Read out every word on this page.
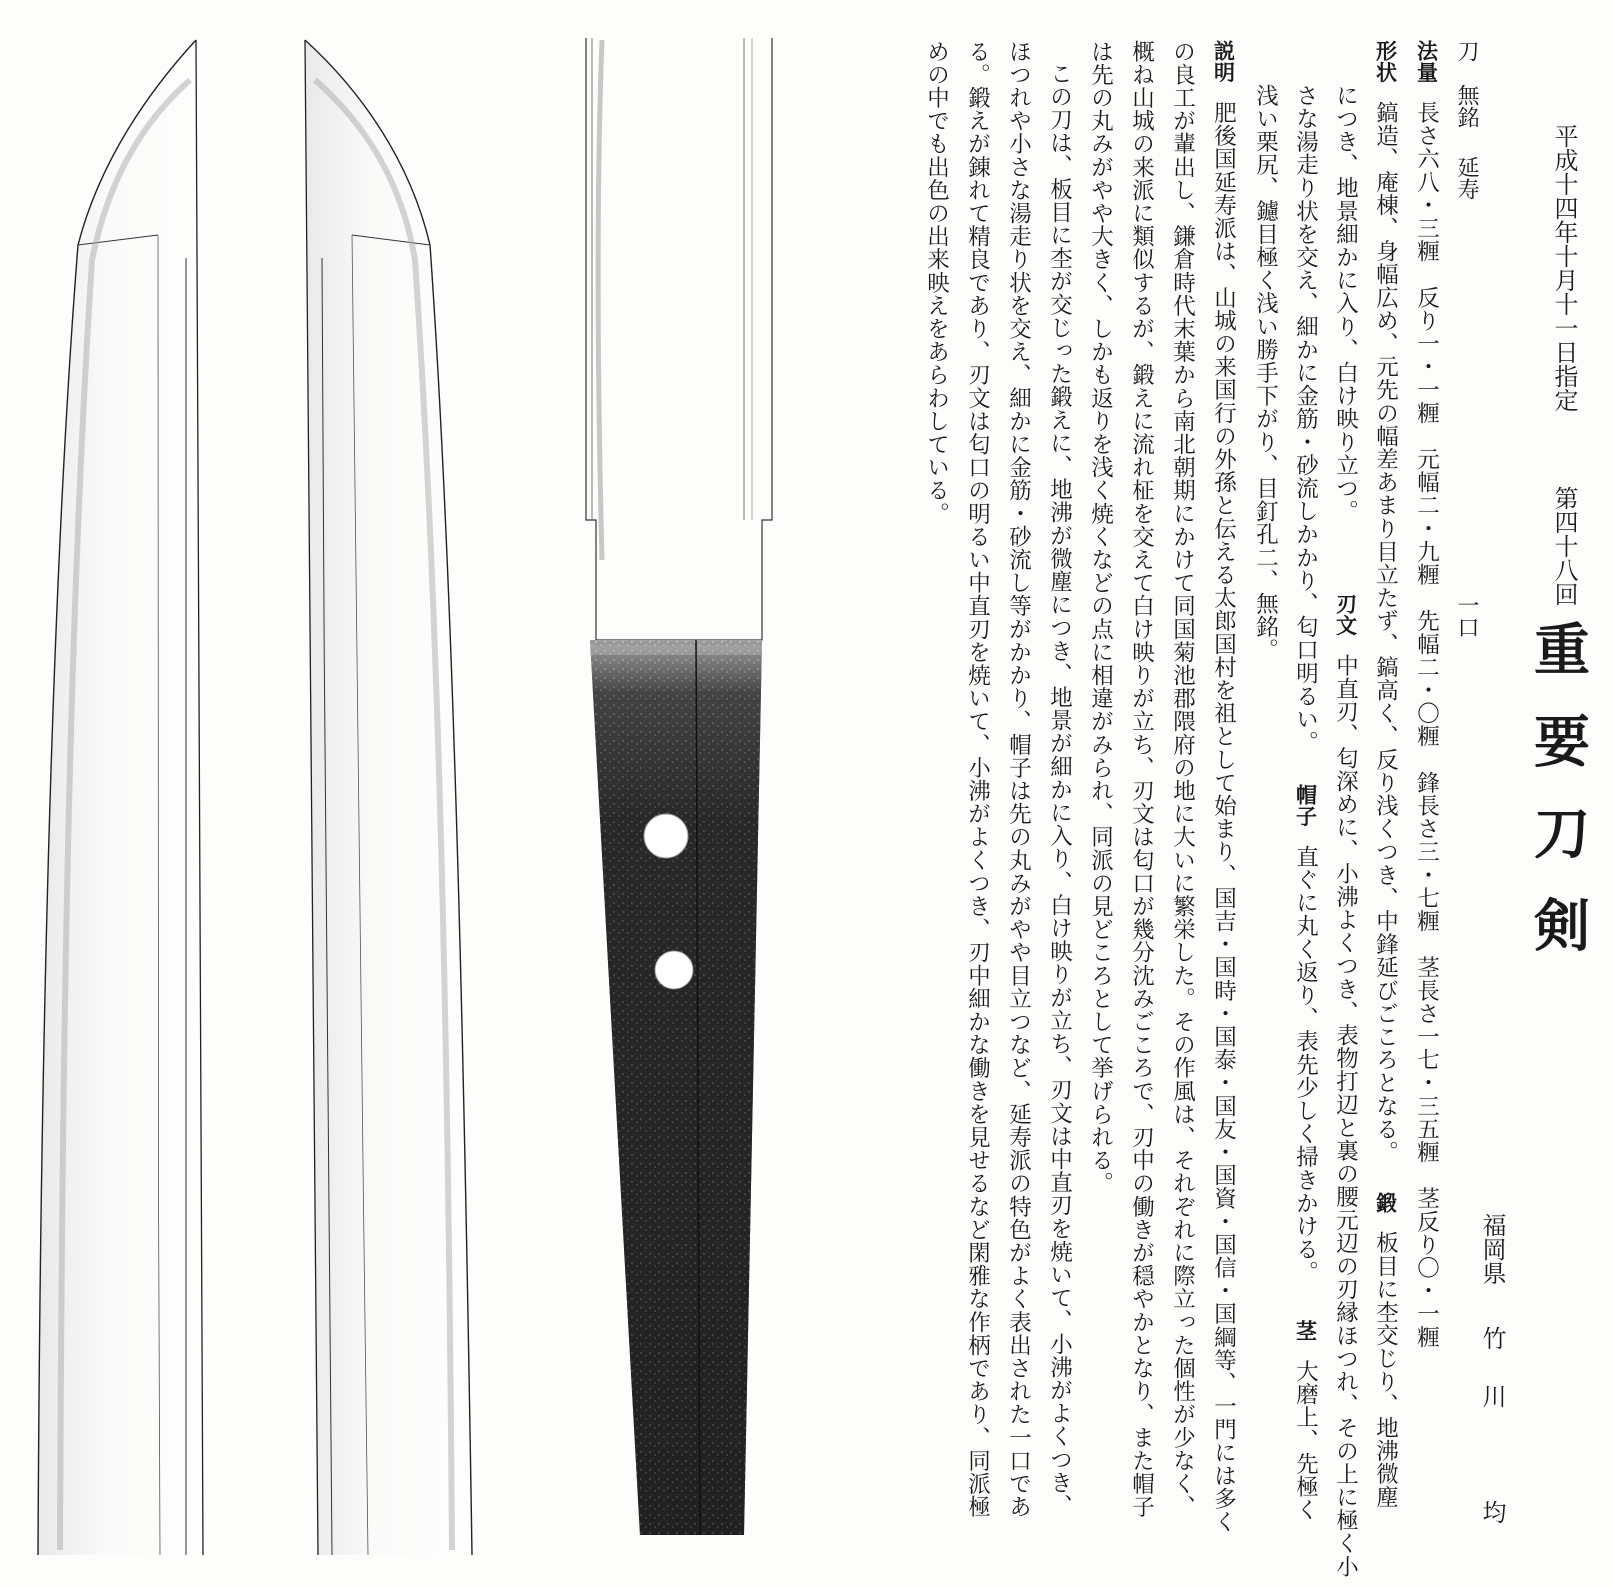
平成十四年十月十一日指定
第四十八回
重要刀剣
福岡県
竹
川
均
刀
無銘
延寿
一口
法量長さ六八・三糎　反り一・一糎　元幅二・九糎　先幅二・〇糎　鋒長さ三・七糎　茎長さ一七・三五糎　茎反り〇・一糎
形状鎬造、庵棟、身幅広め、元先の幅差あまり目立たず、鎬高く、反り浅くつき、中鋒延びごころとなる。鍛板目に杢交じり、地沸微塵
につき、地景細かに入り、白け映り立つ。刃文中直刃、匂深めに、小沸よくつき、表物打辺と裏の腰元辺の刃縁ほつれ、その上に極く小
さな湯走り状を交え、細かに金筋・砂流しかかり、匂口明るい。帽子直ぐに丸く返り、表先少しく掃きかける。茎大磨上、先極く
浅い栗尻、鑢目極く浅い勝手下がり、目釘孔二、無銘。
説明肥後国延寿派は、山城の来国行の外孫と伝える太郎国村を祖として始まり、国吉・国時・国泰・国友・国資・国信・国綱等、一門には多く
の良工が輩出し、鎌倉時代末葉から南北朝期にかけて同国菊池郡隈府の地に大いに繁栄した。その作風は、それぞれに際立った個性が少なく、
概ね山城の来派に類似するが、鍛えに流れ柾を交えて白け映りが立ち、刃文は匂口が幾分沈みごころで、刃中の働きが穏やかとなり、また帽子
は先の丸みがやや大きく、しかも返りを浅く焼くなどの点に相違がみられ、同派の見どころとして挙げられる。
この刀は、板目に杢が交じった鍛えに、地沸が微塵につき、地景が細かに入り、白け映りが立ち、刃文は中直刃を焼いて、小沸がよくつき、
ほつれや小さな湯走り状を交え、細かに金筋・砂流し等がかかり、帽子は先の丸みがやや目立つなど、延寿派の特色がよく表出された一口であ
る。鍛えが錬れて精良であり、刃文は匂口の明るい中直刃を焼いて、小沸がよくつき、刃中細かな働きを見せるなど閑雅な作柄であり、同派極
めの中でも出色の出来映えをあらわしている。
